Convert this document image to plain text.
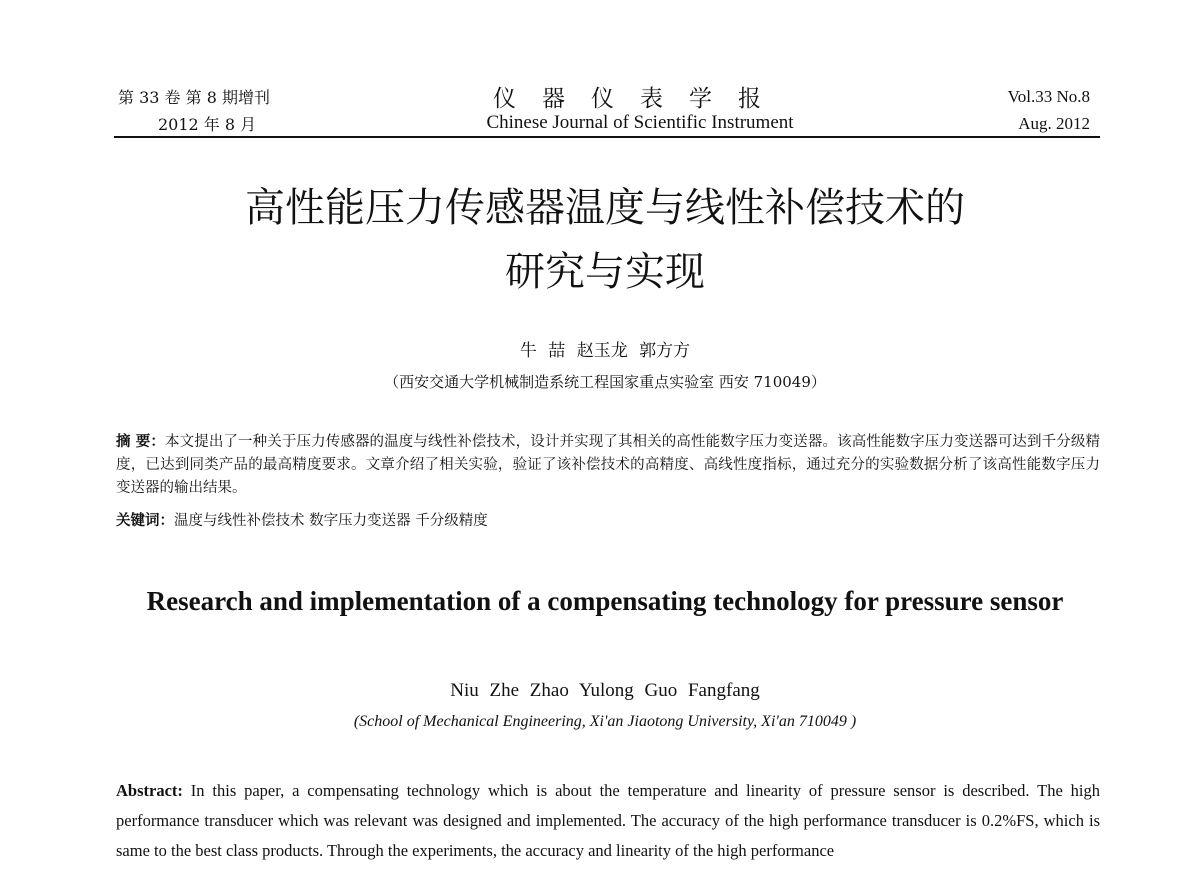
第 33 卷 第 8 期增刊
2012 年 8 月
仪器仪表学报
Chinese Journal of Scientific Instrument
Vol.33 No.8
Aug. 2012
高性能压力传感器温度与线性补偿技术的
研究与实现
牛 喆 赵玉龙 郭方方
（西安交通大学机械制造系统工程国家重点实验室 西安 710049）
摘 要：本文提出了一种关于压力传感器的温度与线性补偿技术，设计并实现了其相关的高性能数字压力变送器。该高性能数字压力变送器可达到千分级精度，已达到同类产品的最高精度要求。文章介绍了相关实验，验证了该补偿技术的高精度、高线性度指标，通过充分的实验数据分析了该高性能数字压力变送器的输出结果。
关键词：温度与线性补偿技术 数字压力变送器 千分级精度
Research and implementation of a compensating technology for pressure sensor
Niu Zhe Zhao Yulong Guo Fangfang
(School of Mechanical Engineering, Xi'an Jiaotong University, Xi'an 710049 )
Abstract: In this paper, a compensating technology which is about the temperature and linearity of pressure sensor is described. The high performance transducer which was relevant was designed and implemented. The accuracy of the high performance transducer is 0.2%FS, which is same to the best class products. Through the experiments, the accuracy and linearity of the high performance
